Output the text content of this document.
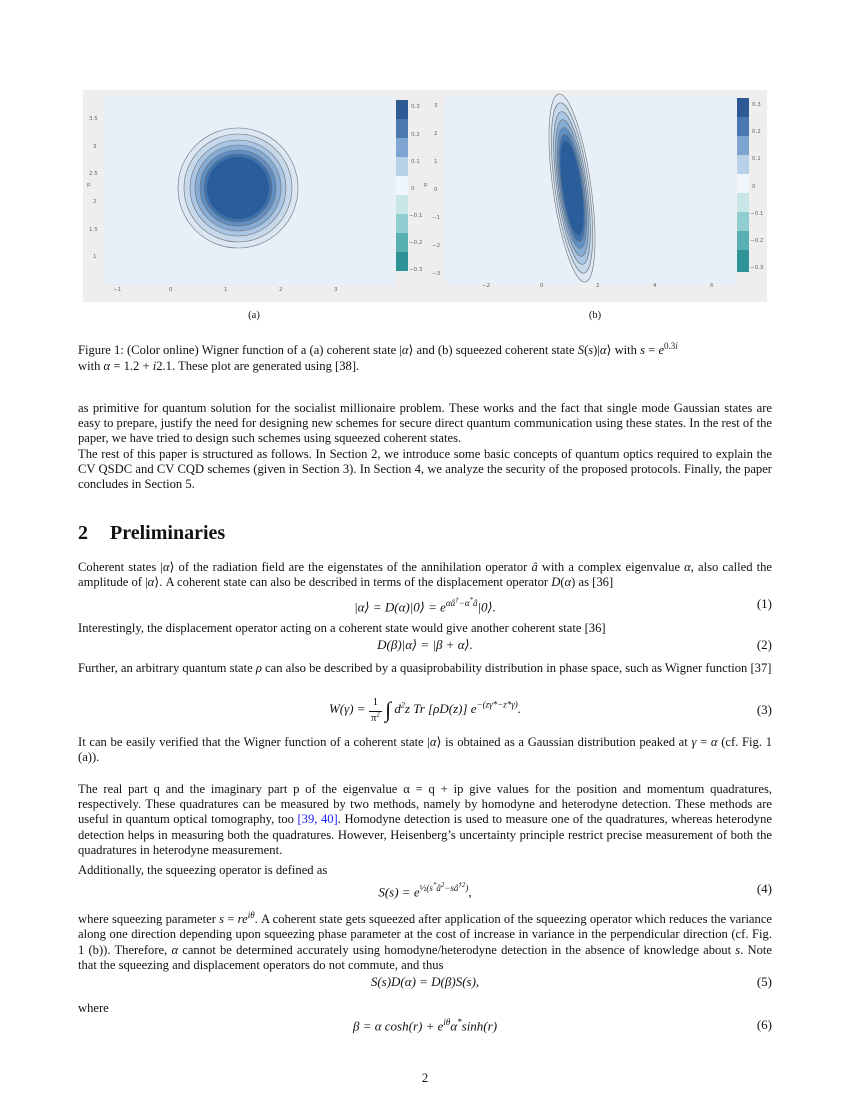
p
3.5
3
2.5
2
1.5
1
−1	0	1	2	3
0.3
0.2
0.1
0
−0.1
−0.2
−0.3
p
3
2
1
0
−1
−2
−3
−2	0	2	4	6
0.3
0.2
0.1
0
−0.1
−0.2
−0.3
(a)	(b)
Figure 1: (Color online) Wigner function of a (a) coherent state |α⟩ and (b) squeezed coherent state S(s)|α⟩ with $s = e^{0.3i}$
with α = 1.2 + i2.1. These plot are generated using [38].
as primitive for quantum solution for the socialist millionaire problem. These works and the fact that single mode Gaussian states are easy to prepare, justify the need for designing new schemes for secure direct quantum communication using these states. In the rest of the paper, we have tried to design such schemes using squeezed coherent states.
The rest of this paper is structured as follows. In Section 2, we introduce some basic concepts of quantum optics required to explain the CV QSDC and CV CQD schemes (given in Section 3). In Section 4, we analyze the security of the proposed protocols. Finally, the paper concludes in Section 5.
2 Preliminaries
Coherent states |α⟩ of the radiation field are the eigenstates of the annihilation operator â with a complex eigenvalue α, also called the amplitude of |α⟩. A coherent state can also be described in terms of the displacement operator D(α) as [36]
|α⟩ = D(α)|0⟩ = $e^{\alpha â^\dagger-\alpha^*â}|0⟩$.	(1)
Interestingly, the displacement operator acting on a coherent state would give another coherent state [36]
D(β)|α⟩ = |β + α⟩.	(2)
Further, an arbitrary quantum state ρ can also be described by a quasiprobability distribution in phase space, such as Wigner function [37]
W(γ) = 1
$\pi^2$ ∫ $d^2z$ Tr [ρD(z)] $e^{-(z\gamma*-z*\gamma)}$.	(3)
It can be easily verified that the Wigner function of a coherent state |α⟩ is obtained as a Gaussian distribution peaked at γ = α (cf. Fig. 1 (a)).
The real part q and the imaginary part p of the eigenvalue α = q + ip give values for the position and momentum quadratures, respectively. These quadratures can be measured by two methods, namely by homodyne and heterodyne detection. These methods are useful in quantum optical tomography, too [39, 40]. Homodyne detection is used to measure one of the quadratures, whereas heterodyne detection helps in measuring both the quadratures. However, Heisenberg’s uncertainty principle restrict precise measurement of both the quadratures in heterodyne measurement.
Additionally, the squeezing operator is defined as
$S(s) = e^{\frac{1}{2}(s^*â^2-sâ^{\dagger 2})}$,	(4)
where squeezing parameter $s = re^{i\theta}$. A coherent state gets squeezed after application of the squeezing operator which reduces the variance along one direction depending upon squeezing phase parameter at the cost of increase in variance in the perpendicular direction (cf. Fig. 1 (b)). Therefore, α cannot be determined accurately using homodyne/heterodyne detection in the absence of knowledge about s. Note that the squeezing and displacement operators do not commute, and thus
S(s)D(α) = D(β)S(s),	(5)
where
β = α $\cosh(r) + e^{i\theta}\alpha^*\sinh(r)$	(6)
2
